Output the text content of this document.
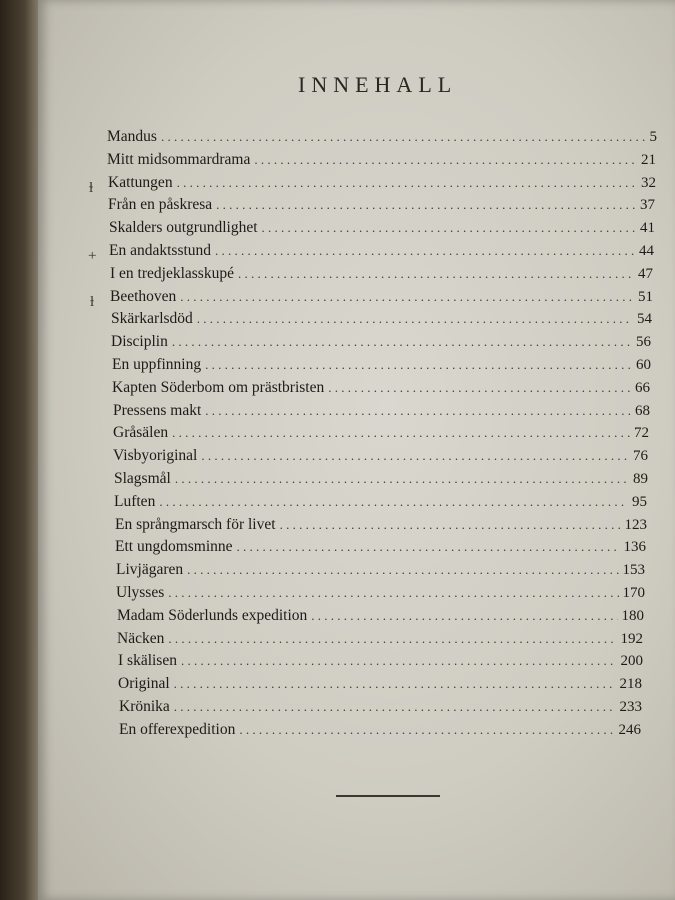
INNEHALL
Mandus . . .	5
Mitt midsommardrama . . .	21
Kattungen . . .	32
Från en påskresa . . .	37
Skalders outgrundlighet . . .	41
En andaktsstund . . .	44
I en tredjeklasskupé . . .	47
Beethoven . . .	51
Skärkarlsdöd . . .	54
Disciplin . . .	56
En uppfinning . . .	60
Kapten Söderbom om prästbristen . . .	66
Pressens makt . . .	68
Gråsälen . . .	72
Visbyoriginal . . .	76
Slagsmål . . .	89
Luften . . .	95
En språngmarsch för livet . . .	123
Ett ungdomsminne . . .	136
Livjägaren . . .	153
Ulysses . . .	170
Madam Söderlunds expedition . . .	180
Näcken . . .	192
I skälisen . . .	200
Original . . .	218
Krönika . . .	233
En offerexpedition . . .	246
ɫ
+
ƚ
